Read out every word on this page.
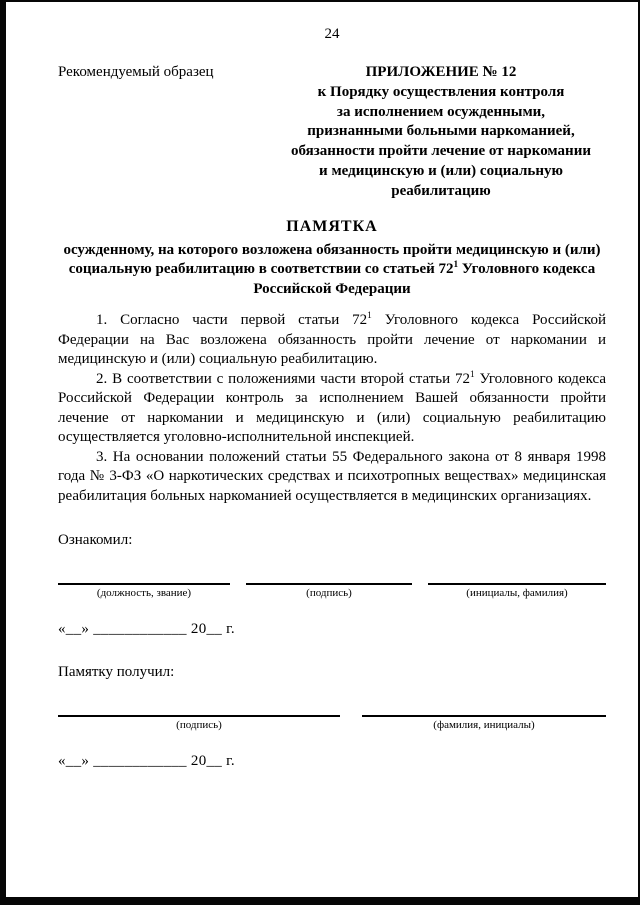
24
Рекомендуемый образец	ПРИЛОЖЕНИЕ № 12
к Порядку осуществления контроля
за исполнением осужденными,
признанными больными наркоманией,
обязанности пройти лечение от наркомании
и медицинскую и (или) социальную
реабилитацию
ПАМЯТКА
осужденному, на которого возложена обязанность пройти медицинскую и (или) социальную реабилитацию в соответствии со статьей $72^1$ Уголовного кодекса Российской Федерации

1. Согласно части первой статьи $72^1$ Уголовного кодекса Российской Федерации на Вас возложена обязанность пройти лечение от наркомании и медицинскую и (или) социальную реабилитацию.

2. В соответствии с положениями части второй статьи $72^1$ Уголовного кодекса Российской Федерации контроль за исполнением Вашей обязанности пройти лечение от наркомании и медицинскую и (или) социальную реабилитацию осуществляется уголовно-исполнительной инспекцией.

3. На основании положений статьи 55 Федерального закона от 8 января 1998 года № 3-ФЗ «О наркотических средствах и психотропных веществах» медицинская реабилитация больных наркоманией осуществляется в медицинских организациях.

Ознакомил:
(должность, звание)	(подпись)	(инициалы, фамилия)
«__» ____________ 20__ г.
Памятку получил:
(подпись)	(фамилия, инициалы)
«__» ____________ 20__ г.
